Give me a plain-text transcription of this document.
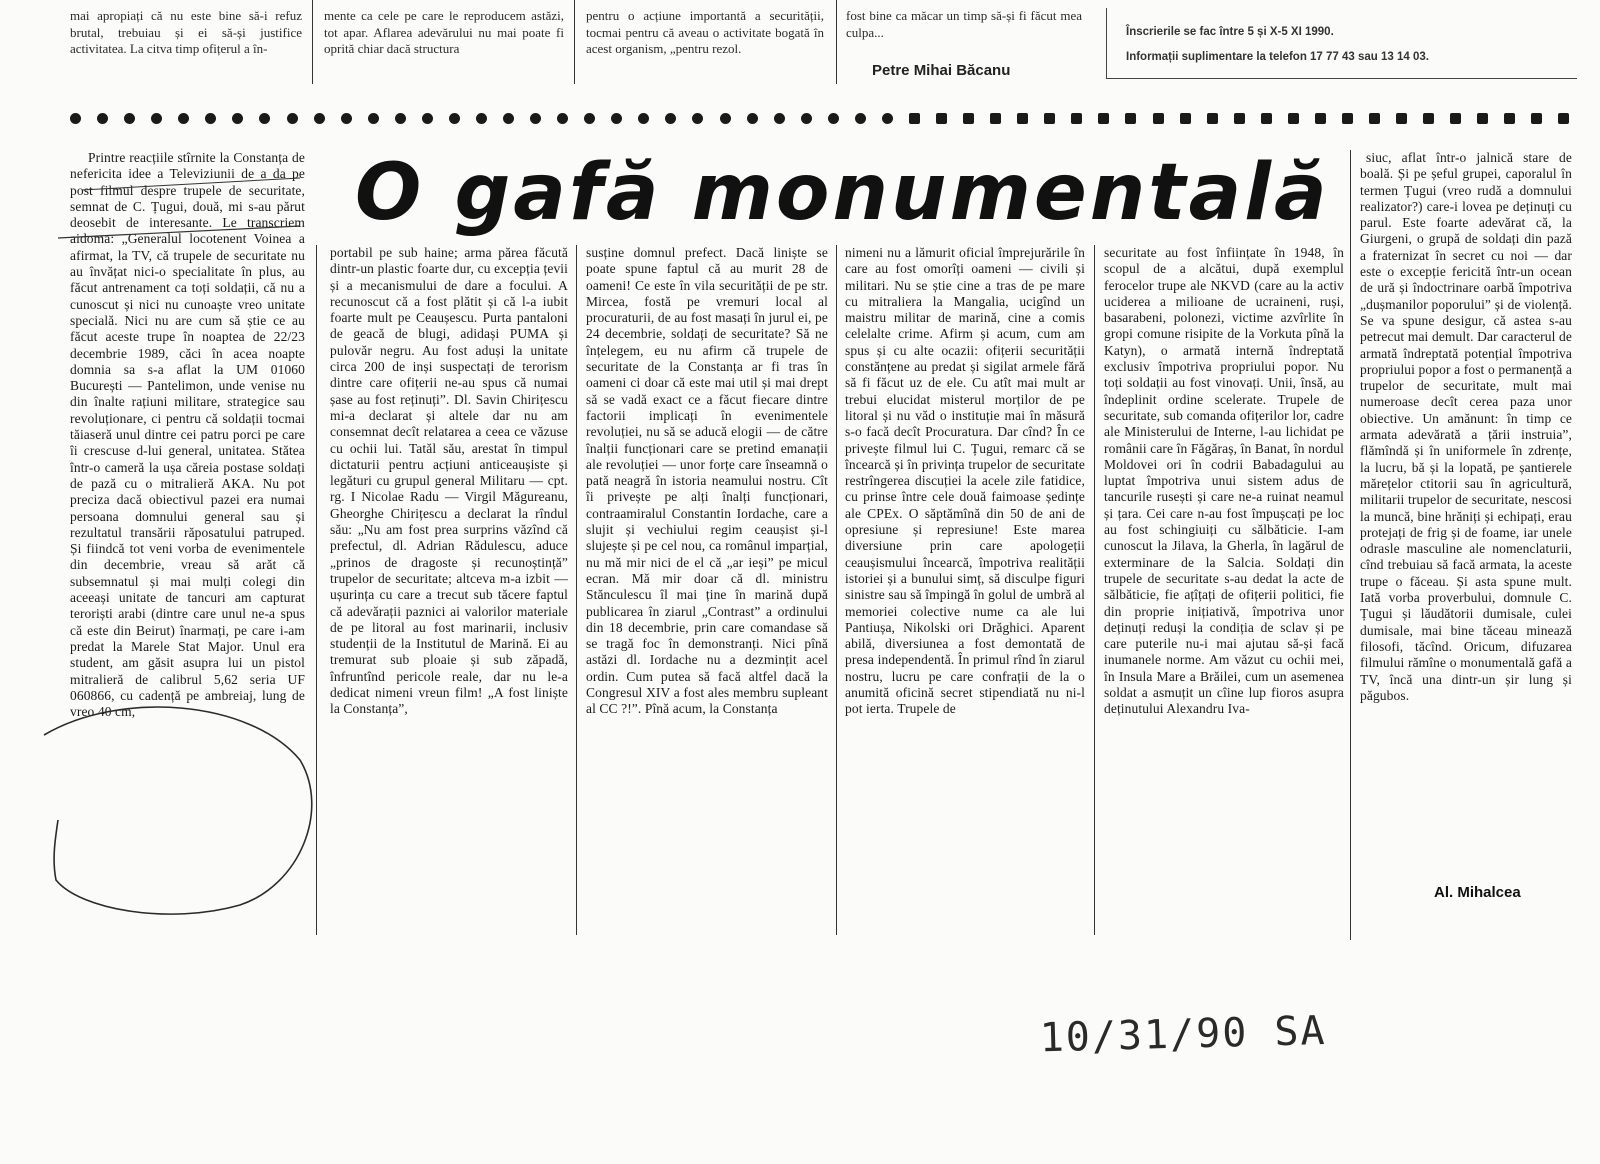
mai apropiați că nu este bine să-i refuz brutal, trebuiau și ei să-și justifice activitatea. La citva timp ofițerul a în-
mente ca cele pe care le reproducem astăzi, tot apar. Aflarea adevărului nu mai poate fi oprită chiar dacă structura
pentru o acțiune importantă a securității, tocmai pentru că aveau o activitate bogată în acest organism, „pentru rezol.
fost bine ca măcar un timp să-și fi făcut mea culpa...
Petre Mihai Băcanu
Înscrierile se fac între 5 și X-5 XI 1990.
Informații suplimentare la telefon 17 77 43 sau 13 14 03.
O gafă monumentală

Printre reacțiile stîrnite la Constanța de nefericita idee a Televiziunii de a da pe post filmul despre trupele de securitate, semnat de C. Țugui, două, mi s-au părut deosebit de interesante. Le transcriem aidoma: „Generalul locotenent Voinea a afirmat, la TV, că trupele de securitate nu au învățat nici-o specialitate în plus, au făcut antrenament ca toți soldații, că nu a cunoscut și nici nu cunoaște vreo unitate specială. Nici nu are cum să știe ce au făcut aceste trupe în noaptea de 22/23 decembrie 1989, căci în acea noapte domnia sa s-a aflat la UM 01060 București — Pantelimon, unde venise nu din înalte rațiuni militare, strategice sau revoluționare, ci pentru că soldații tocmai tăiaseră unul dintre cei patru porci pe care îi crescuse d-lui general, unitatea. Stătea într-o cameră la ușa căreia postase soldați de pază cu o mitralieră AKA. Nu pot preciza dacă obiectivul pazei era numai persoana domnului general sau și rezultatul transării răposatului patruped. Și fiindcă tot veni vorba de evenimentele din decembrie, vreau să arăt că subsemnatul și mai mulți colegi din aceeași unitate de tancuri am capturat teroriști arabi (dintre care unul ne-a spus că este din Beirut) înarmați, pe care i-am predat la Marele Stat Major. Unul era student, am găsit asupra lui un pistol mitralieră de calibrul 5,62 seria UF 060866, cu cadență pe ambreiaj, lung de vreo 40 cm,

portabil pe sub haine; arma părea făcută dintr-un plastic foarte dur, cu excepția țevii și a mecanismului de dare a focului. A recunoscut că a fost plătit și că l-a iubit foarte mult pe Ceaușescu. Purta pantaloni de geacă de blugi, adidași PUMA și pulovăr negru. Au fost aduși la unitate circa 200 de inși suspectați de terorism dintre care ofițerii ne-au spus că numai șase au fost reținuți”. Dl. Savin Chirițescu mi-a declarat și altele dar nu am consemnat decît relatarea a ceea ce văzuse cu ochii lui. Tatăl său, arestat în timpul dictaturii pentru acțiuni anticeaușiste și legături cu grupul general Militaru — cpt. rg. I Nicolae Radu — Virgil Măgureanu, Gheorghe Chirițescu a declarat la rîndul său: „Nu am fost prea surprins văzînd că prefectul, dl. Adrian Rădulescu, aduce „prinos de dragoste și recunoștință” trupelor de securitate; altceva m-a izbit — ușurința cu care a trecut sub tăcere faptul că adevărații paznici ai valorilor materiale de pe litoral au fost marinarii, inclusiv studenții de la Institutul de Marină. Ei au tremurat sub ploaie și sub zăpadă, înfruntînd pericole reale, dar nu le-a dedicat nimeni vreun film! „A fost liniște la Constanța”,

susține domnul prefect. Dacă liniște se poate spune faptul că au murit 28 de oameni! Ce este în vila securității de pe str. Mircea, fostă pe vremuri local al procuraturii, de au fost masați în jurul ei, pe 24 decembrie, soldați de securitate? Să ne înțelegem, eu nu afirm că trupele de securitate de la Constanța ar fi tras în oameni ci doar că este mai util și mai drept să se vadă exact ce a făcut fiecare dintre factorii implicați în evenimentele revoluției, nu să se aducă elogii — de către înalții funcționari care se pretind emanații ale revoluției — unor forțe care înseamnă o pată neagră în istoria neamului nostru. Cît îi privește pe alți înalți funcționari, contraamiralul Constantin Iordache, care a slujit și vechiului regim ceaușist și-l slujește și pe cel nou, ca românul imparțial, nu mă mir nici de el că „ar ieși” pe micul ecran. Mă mir doar că dl. ministru Stănculescu îl mai ține în marină după publicarea în ziarul „Contrast” a ordinului din 18 decembrie, prin care comandase să se tragă foc în demonstranți. Nici pînă astăzi dl. Iordache nu a dezmințit acel ordin. Cum putea să facă altfel dacă la Congresul XIV a fost ales membru supleant al CC ?!”. Pînă acum, la Constanța

nimeni nu a lămurit oficial împrejurările în care au fost omorîți oameni — civili și militari. Nu se știe cine a tras de pe mare cu mitraliera la Mangalia, ucigînd un maistru militar de marină, cine a comis celelalte crime. Afirm și acum, cum am spus și cu alte ocazii: ofițerii securității constănțene au predat și sigilat armele fără să fi făcut uz de ele. Cu atît mai mult ar trebui elucidat misterul morților de pe litoral și nu văd o instituție mai în măsură s-o facă decît Procuratura. Dar cînd? În ce privește filmul lui C. Țugui, remarc că se încearcă și în privința trupelor de securitate restrîngerea discuției la acele zile fatidice, cu prinse între cele două faimoase ședințe ale CPEx. O săptămînă din 50 de ani de opresiune și represiune! Este marea diversiune prin care apologeții ceaușismului încearcă, împotriva realității istoriei și a bunului simț, să disculpe figuri sinistre sau să împingă în golul de umbră al memoriei colective nume ca ale lui Pantiușa, Nikolski ori Drăghici. Aparent abilă, diversiunea a fost demontată de presa independentă. În primul rînd în ziarul nostru, lucru pe care confrații de la o anumită oficină secret stipendiată nu ni-l pot ierta. Trupele de

securitate au fost înființate în 1948, în scopul de a alcătui, după exemplul ferocelor trupe ale NKVD (care au la activ uciderea a milioane de ucraineni, ruși, basarabeni, polonezi, victime azvîrlite în gropi comune risipite de la Vorkuta pînă la Katyn), o armată internă îndreptată exclusiv împotriva propriului popor. Nu toți soldații au fost vinovați. Unii, însă, au îndeplinit ordine scelerate. Trupele de securitate, sub comanda ofițerilor lor, cadre ale Ministerului de Interne, l-au lichidat pe românii care în Făgăraș, în Banat, în nordul Moldovei ori în codrii Babadagului au luptat împotriva unui sistem adus de tancurile rusești și care ne-a ruinat neamul și țara. Cei care n-au fost împușcați pe loc au fost schingiuiți cu sălbăticie. I-am cunoscut la Jilava, la Gherla, în lagărul de exterminare de la Salcia. Soldați din trupele de securitate s-au dedat la acte de sălbăticie, fie ațîțați de ofițerii politici, fie din proprie inițiativă, împotriva unor deținuți reduși la condiția de sclav și pe care puterile nu-i mai ajutau să-și facă inumanele norme. Am văzut cu ochii mei, în Insula Mare a Brăilei, cum un asemenea soldat a asmuțit un cîine lup fioros asupra deținutului Alexandru Iva-

siuc, aflat într-o jalnică stare de boală. Și pe șeful grupei, caporalul în termen Țugui (vreo rudă a domnului realizator?) care-i lovea pe deținuți cu parul. Este foarte adevărat că, la Giurgeni, o grupă de soldați din pază a fraternizat în secret cu noi — dar este o excepție fericită într-un ocean de ură și îndoctrinare oarbă împotriva „dușmanilor poporului” și de violență. Se va spune desigur, că astea s-au petrecut mai demult. Dar caracterul de armată îndreptată potențial împotriva propriului popor a fost o permanență a trupelor de securitate, mult mai numeroase decît cerea paza unor obiective. Un amănunt: în timp ce armata adevărată a țării instruia”, flămîndă și în uniformele în zdrențe, la lucru, bă și la lopată, pe șantierele mărețelor ctitorii sau în agricultură, militarii trupelor de securitate, nescosi la muncă, bine hrăniți și echipați, erau protejați de frig și de foame, iar unele odrasle masculine ale nomenclaturii, cînd trebuiau să facă armata, la aceste trupe o făceau. Și asta spune mult. Iată vorba proverbului, domnule C. Țugui și lăudătorii dumisale, culei dumisale, mai bine tăceau minează filosofi, tăcînd. Oricum, difuzarea filmului rămîne o monumentală gafă a TV, încă una dintr-un șir lung și păgubos.

Al. Mihalcea
10/31/90 SA
